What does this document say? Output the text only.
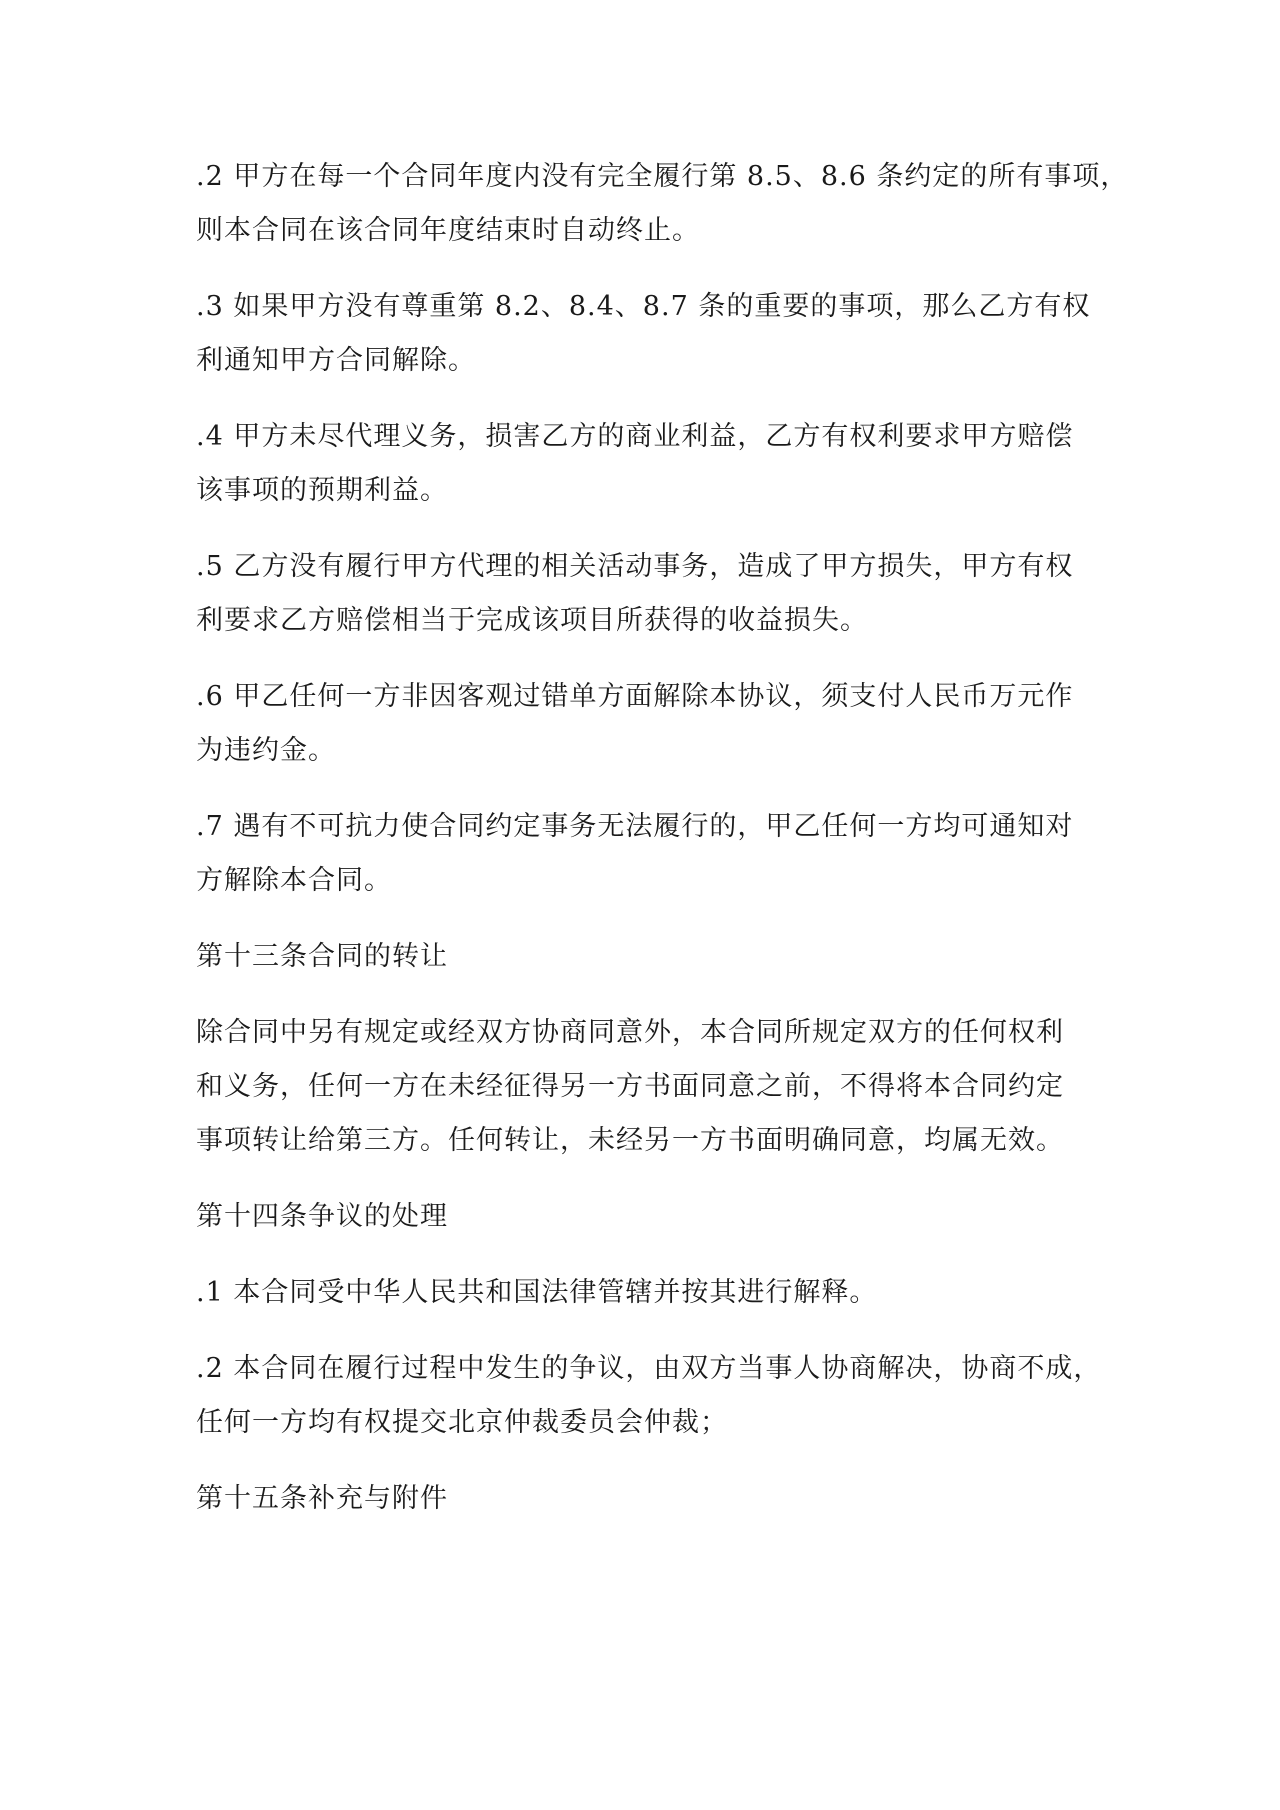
.2 甲方在每一个合同年度内没有完全履行第 8.5、8.6 条约定的所有事项，
则本合同在该合同年度结束时自动终止。

.3 如果甲方没有尊重第 8.2、8.4、8.7 条的重要的事项，那么乙方有权
利通知甲方合同解除。

.4 甲方未尽代理义务，损害乙方的商业利益，乙方有权利要求甲方赔偿
该事项的预期利益。

.5 乙方没有履行甲方代理的相关活动事务，造成了甲方损失，甲方有权
利要求乙方赔偿相当于完成该项目所获得的收益损失。

.6 甲乙任何一方非因客观过错单方面解除本协议，须支付人民币万元作
为违约金。

.7 遇有不可抗力使合同约定事务无法履行的，甲乙任何一方均可通知对
方解除本合同。

第十三条合同的转让

除合同中另有规定或经双方协商同意外，本合同所规定双方的任何权利
和义务，任何一方在未经征得另一方书面同意之前，不得将本合同约定
事项转让给第三方。任何转让，未经另一方书面明确同意，均属无效。

第十四条争议的处理

.1 本合同受中华人民共和国法律管辖并按其进行解释。

.2 本合同在履行过程中发生的争议，由双方当事人协商解决，协商不成，
任何一方均有权提交北京仲裁委员会仲裁；

第十五条补充与附件
